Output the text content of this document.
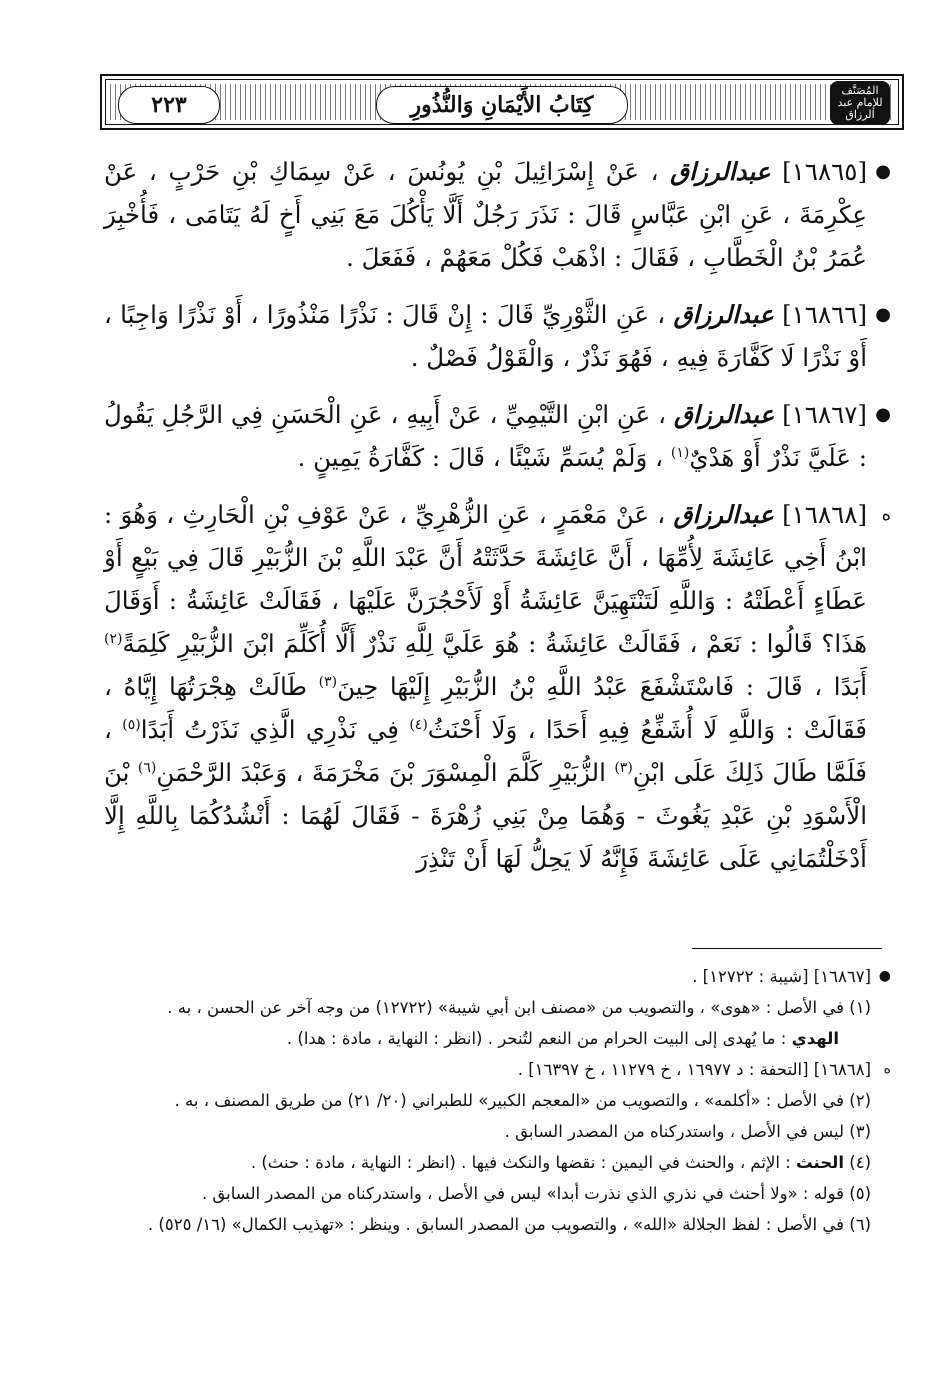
٢٢٣	كِتَابُ الأَيْمَانِ وَالنُّذُورِ
المُصَنَّف للإمام عبد الرزاق

●
[١٦٨٦٥] عبدالرزاق ، عَنْ إِسْرَائِيلَ بْنِ يُونُسَ ، عَنْ سِمَاكِ بْنِ حَرْبٍ ، عَنْ عِكْرِمَةَ ، عَنِ ابْنِ عَبَّاسٍ قَالَ : نَذَرَ رَجُلٌ أَلَّا يَأْكُلَ مَعَ بَنِي أَخٍ لَهُ يَتَامَى ، فَأُخْبِرَ عُمَرُ بْنُ الْخَطَّابِ ، فَقَالَ : اذْهَبْ فَكُلْ مَعَهُمْ ، فَفَعَلَ .

●
[١٦٨٦٦] عبدالرزاق ، عَنِ الثَّوْرِيِّ قَالَ : إِنْ قَالَ : نَذْرًا مَنْذُورًا ، أَوْ نَذْرًا وَاجِبًا ، أَوْ نَذْرًا لَا كَفَّارَةَ فِيهِ ، فَهُوَ نَذْرٌ ، وَالْقَوْلُ فَصْلٌ .

●
[١٦٨٦٧] عبدالرزاق ، عَنِ ابْنِ التَّيْمِيِّ ، عَنْ أَبِيهِ ، عَنِ الْحَسَنِ فِي الرَّجُلِ يَقُولُ : عَلَيَّ نَذْرٌ أَوْ هَدْيٌ$^{(١)}$ ، وَلَمْ يُسَمِّ شَيْئًا ، قَالَ : كَفَّارَةُ يَمِينٍ .

ه
[١٦٨٦٨] عبدالرزاق ، عَنْ مَعْمَرٍ ، عَنِ الزُّهْرِيِّ ، عَنْ عَوْفِ بْنِ الْحَارِثِ ، وَهُوَ : ابْنُ أَخِي عَائِشَةَ لِأُمِّهَا ، أَنَّ عَائِشَةَ حَدَّثَتْهُ أَنَّ عَبْدَ اللَّهِ بْنَ الزُّبَيْرِ قَالَ فِي بَيْعٍ أَوْ عَطَاءٍ أَعْطَتْهُ : وَاللَّهِ لَتَنْتَهِيَنَّ عَائِشَةُ أَوْ لَأَحْجُرَنَّ عَلَيْهَا ، فَقَالَتْ عَائِشَةُ : أَوَقَالَ هَذَا؟ قَالُوا : نَعَمْ ، فَقَالَتْ عَائِشَةُ : هُوَ عَلَيَّ لِلَّهِ نَذْرٌ أَلَّا أُكَلِّمَ ابْنَ الزُّبَيْرِ كَلِمَةً$^{(٢)}$ أَبَدًا ، قَالَ : فَاسْتَشْفَعَ عَبْدُ اللَّهِ بْنُ الزُّبَيْرِ إِلَيْهَا حِينَ$^{(٣)}$ طَالَتْ هِجْرَتُهَا إِيَّاهُ ، فَقَالَتْ : وَاللَّهِ لَا أُشَفِّعُ فِيهِ أَحَدًا ، وَلَا أَحْنَثُ$^{(٤)}$ فِي نَذْرِي الَّذِي نَذَرْتُ أَبَدًا$^{(٥)}$ ، فَلَمَّا طَالَ ذَلِكَ عَلَى ابْنِ$^{(٣)}$ الزُّبَيْرِ كَلَّمَ الْمِسْوَرَ بْنَ مَخْرَمَةَ ، وَعَبْدَ الرَّحْمَنِ$^{(٦)}$ بْنَ الْأَسْوَدِ بْنِ عَبْدِ يَغُوثَ - وَهُمَا مِنْ بَنِي زُهْرَةَ - فَقَالَ لَهُمَا : أَنْشُدُكُمَا بِاللَّهِ إِلَّا أَدْخَلْتُمَانِي عَلَى عَائِشَةَ فَإِنَّهُ لَا يَحِلُّ لَهَا أَنْ تَنْذِرَ

●
[١٦٨٦٧] [شيبة : ١٢٧٢٢] .

(١) في الأصل : «هوى» ، والتصويب من «مصنف ابن أبي شيبة» (١٢٧٢٢) من وجه آخر عن الحسن ، به .

الهدي : ما يُهدى إلى البيت الحرام من النعم لتُنحر . (انظر : النهاية ، مادة : هدا) .

ه
[١٦٨٦٨] [التحفة : د ١٦٩٧٧ ، خ ١١٢٧٩ ، خ ١٦٣٩٧] .

(٢) في الأصل : «أكلمه» ، والتصويب من «المعجم الكبير» للطبراني (٢٠/ ٢١) من طريق المصنف ، به .

(٣) ليس في الأصل ، واستدركناه من المصدر السابق .

(٤) الحنث : الإثم ، والحنث في اليمين : نقضها والنكث فيها . (انظر : النهاية ، مادة : حنث) .

(٥) قوله : «ولا أحنث في نذري الذي نذرت أبدا» ليس في الأصل ، واستدركناه من المصدر السابق .

(٦) في الأصل : لفظ الجلالة «الله» ، والتصويب من المصدر السابق . وينظر : «تهذيب الكمال» (١٦/ ٥٢٥) .
